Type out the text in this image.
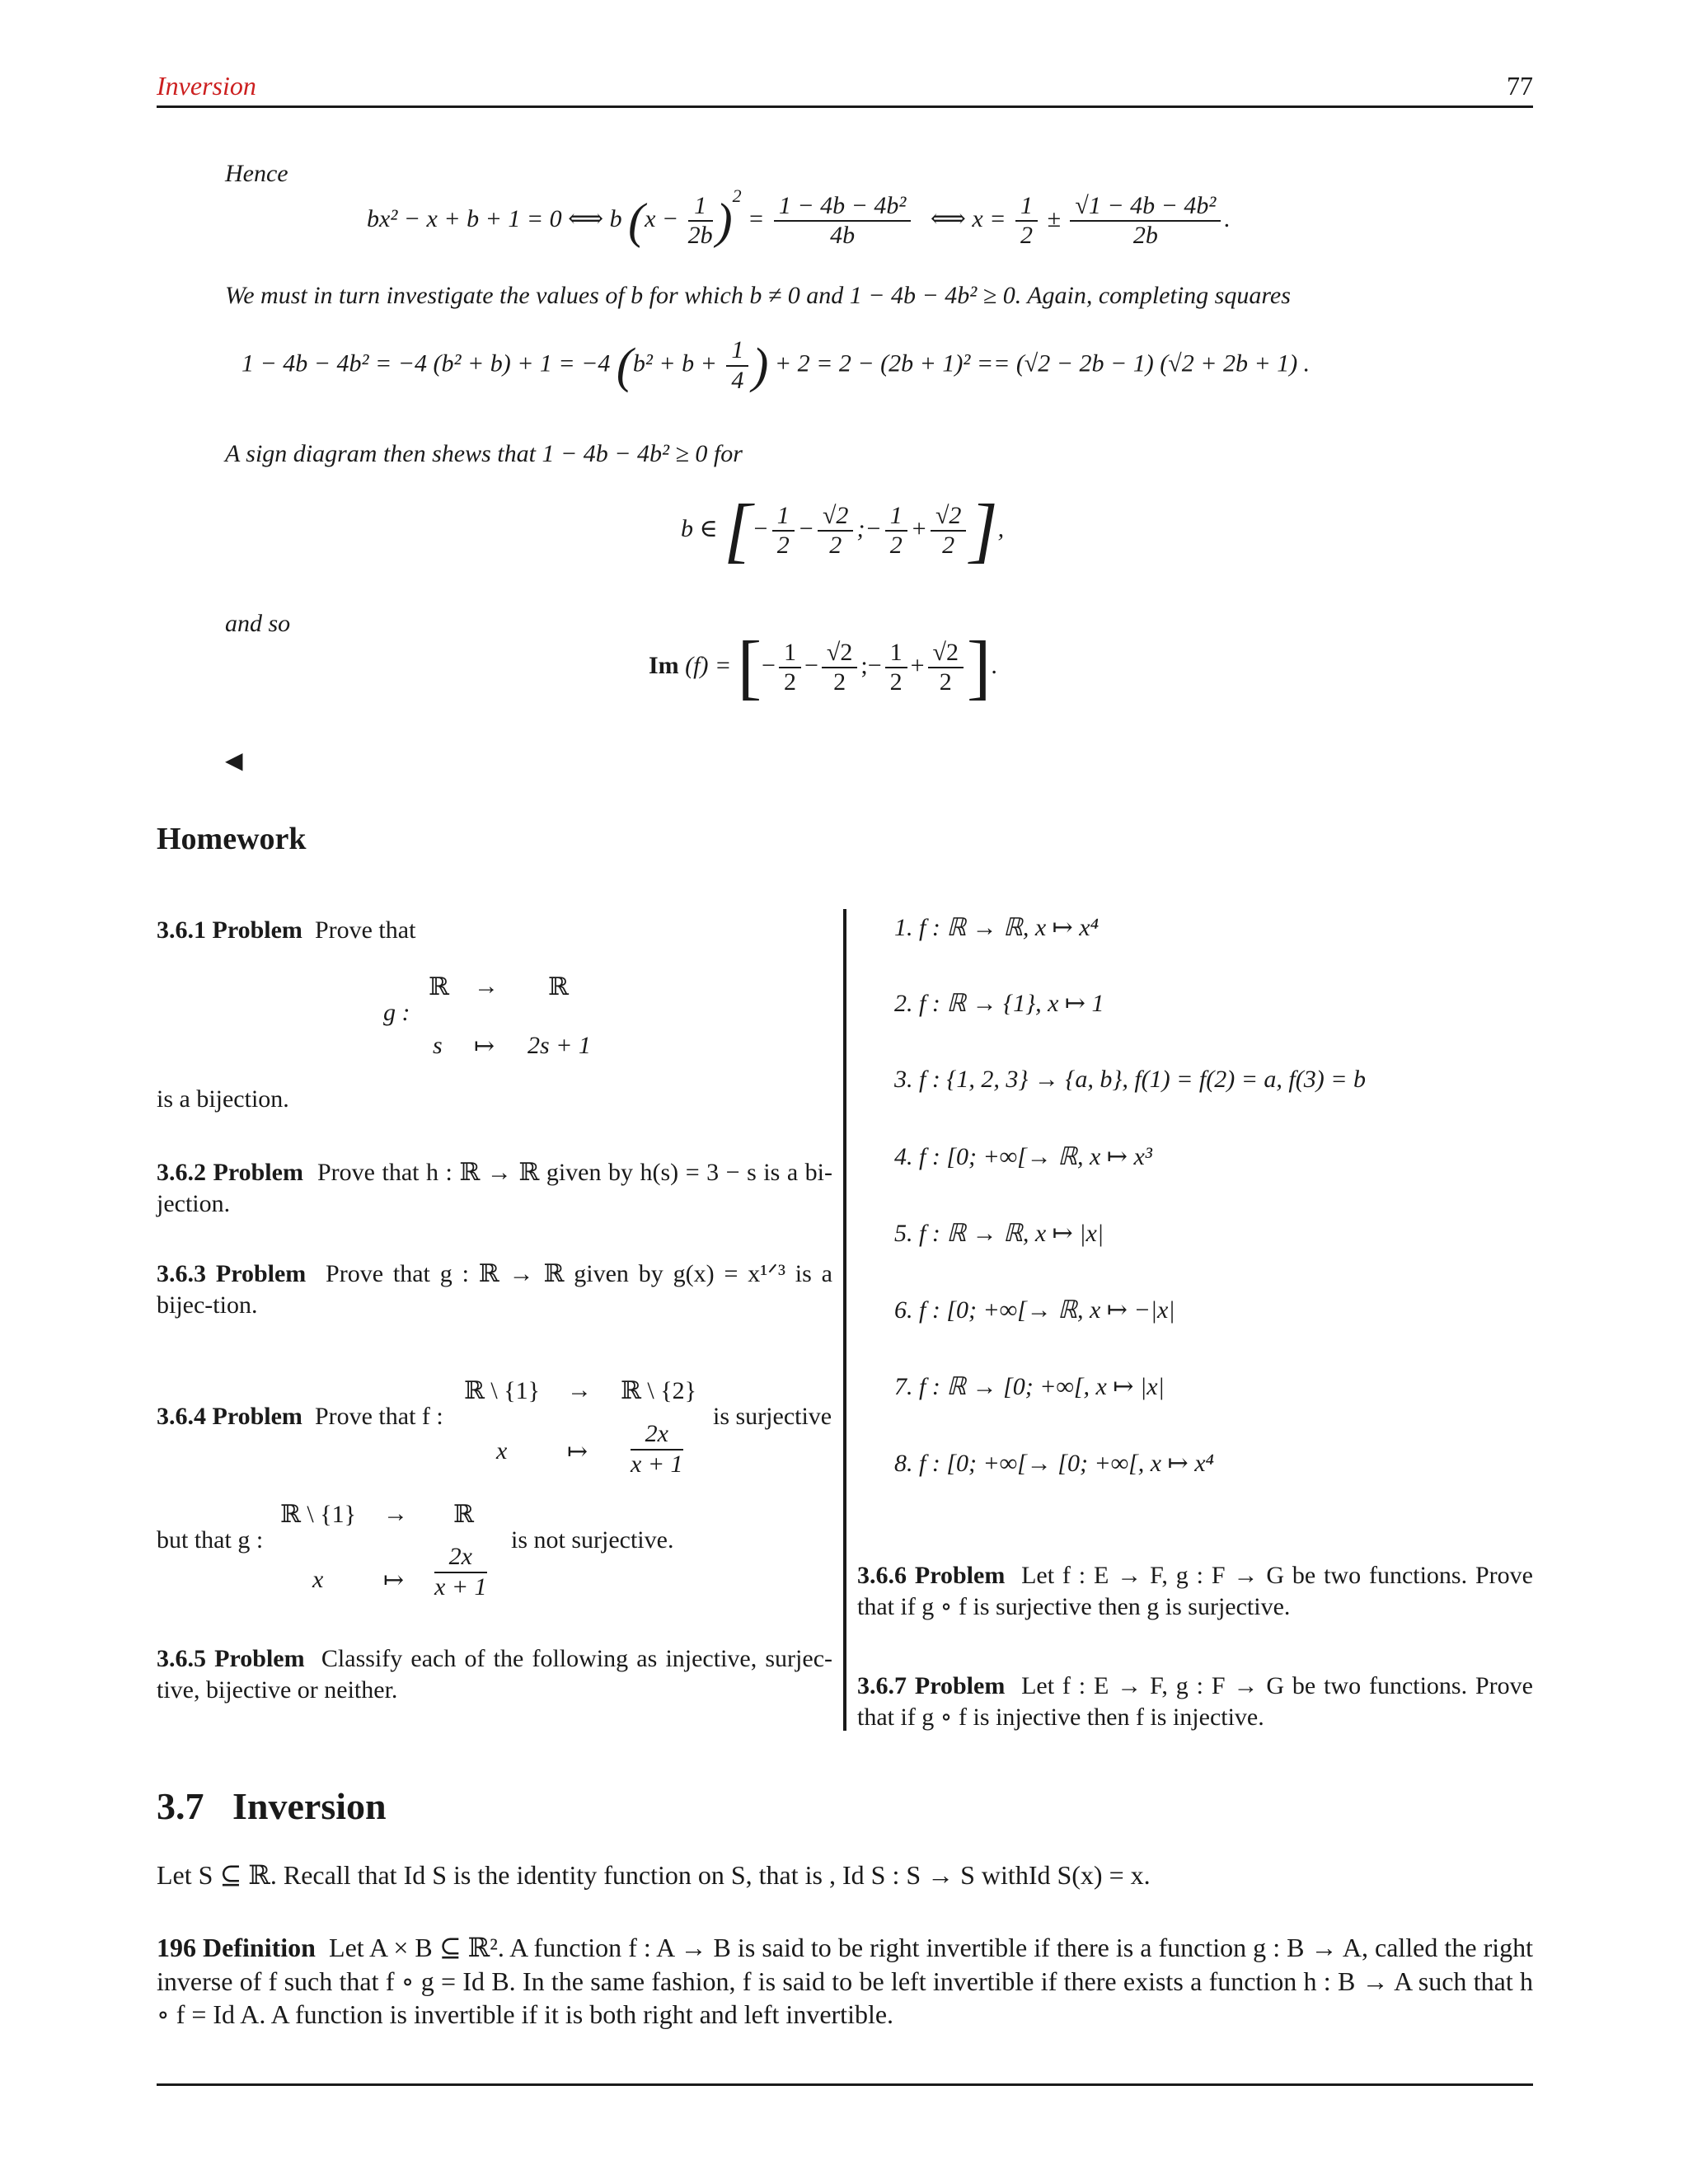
Inversion	77
Hence
bx² − x + b + 1 = 0 ⟺ b $(x - \frac{1}{2b} )^2 = \frac{\text{1 − 4b − 4b²}}{4b}$ ⟺ $x = \frac{1}{2} \pm \frac{\text{√1 − 4b − 4b²}}{2b}$ .
We must in turn investigate the values of b for which b ≠ 0 and 1 − 4b − 4b² ≥ 0. Again, completing squares
1 − 4b − 4b² = −4 (b² + b) + 1 = −4 ($b^2 + b + \frac{1}{4}$ ) + 2 = 2 − (2b + 1)² == (√2 − 2b − 1) (√2 + 2b + 1) .
A sign diagram then shews that 1 − 4b − 4b² ≥ 0 for
b ∈ [− $\frac{1}{2} - \frac{√2}{2}$ ;− $\frac{1}{2} + \frac{√2}{2}$ ],
and so
Im (f) = [− $\frac{1}{2} - \frac{√2}{2}$ ;− $\frac{1}{2} + \frac{√2}{2}$ ].
◀
Homework
3.6.1 Problem Prove that
g :
ℝ → ℝ
s ↦ 2s + 1
is a bijection.
3.6.2 Problem Prove that h : ℝ → ℝ given by h(s) = 3 − s is a bi-jection.
3.6.3 Problem Prove that g : ℝ → ℝ given by g(x) = x¹ᐟ³ is a bijec-tion.
3.6.4 Problem Prove that f :
ℝ \ {1} → ℝ \ {2}
x ↦ $\frac{2x}{x + 1}$
is surjective
but that g :
ℝ \ {1} → ℝ
x ↦ $\frac{2x}{x + 1}$
is not surjective.
3.6.5 Problem Classify each of the following as injective, surjec-tive, bijective or neither.
1. f : ℝ → ℝ, x ↦ x⁴
2. f : ℝ → {1}, x ↦ 1
3. f : {1, 2, 3} → {a, b}, f(1) = f(2) = a, f(3) = b
4. f : [0; +∞[→ ℝ, x ↦ x³
5. f : ℝ → ℝ, x ↦ |x|
6. f : [0; +∞[→ ℝ, x ↦ −|x|
7. f : ℝ → [0; +∞[, x ↦ |x|
8. f : [0; +∞[→ [0; +∞[, x ↦ x⁴
3.6.6 Problem Let f : E → F, g : F → G be two functions. Prove that if g ∘ f is surjective then g is surjective.
3.6.7 Problem Let f : E → F, g : F → G be two functions. Prove that if g ∘ f is injective then f is injective.
3.7 Inversion
Let S ⊆ ℝ. Recall that Id S is the identity function on S, that is , Id S : S → S withId S(x) = x.
196 Definition Let A × B ⊆ ℝ². A function f : A → B is said to be right invertible if there is a function g : B → A, called the right inverse of f such that f ∘ g = Id B. In the same fashion, f is said to be left invertible if there exists a function h : B → A such that h ∘ f = Id A. A function is invertible if it is both right and left invertible.
